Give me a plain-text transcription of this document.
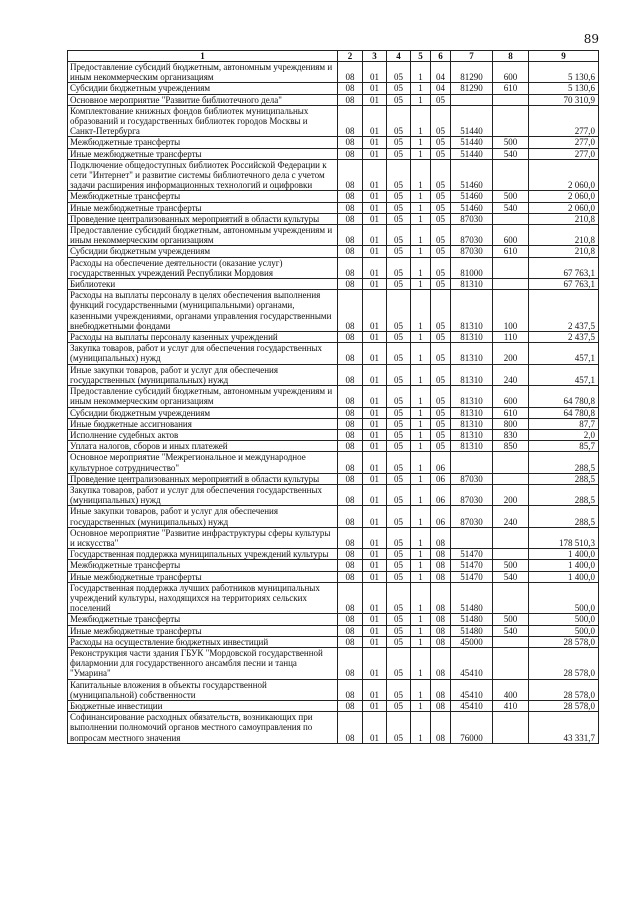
89
1	2	3	4	5	6	7	8	9
Предоставление субсидий бюджетным, автономным учреждениям и иным некоммерческим организациям	08	01	05	1	04	81290	600	5 130,6
Субсидии бюджетным учреждениям	08	01	05	1	04	81290	610	5 130,6
Основное мероприятие "Развитие библиотечного дела"	08	01	05	1	05			70 310,9
Комплектование книжных фондов библиотек муниципальных образований и государственных библиотек городов Москвы и Санкт-Петербурга	08	01	05	1	05	51440		277,0
Межбюджетные трансферты	08	01	05	1	05	51440	500	277,0
Иные межбюджетные трансферты	08	01	05	1	05	51440	540	277,0
Подключение общедоступных библиотек Российской Федерации к сети "Интернет" и развитие системы библиотечного дела с учетом задачи расширения информационных технологий и оцифровки	08	01	05	1	05	51460		2 060,0
Межбюджетные трансферты	08	01	05	1	05	51460	500	2 060,0
Иные межбюджетные трансферты	08	01	05	1	05	51460	540	2 060,0
Проведение централизованных мероприятий в области культуры	08	01	05	1	05	87030		210,8
Предоставление субсидий бюджетным, автономным учреждениям и иным некоммерческим организациям	08	01	05	1	05	87030	600	210,8
Субсидии бюджетным учреждениям	08	01	05	1	05	87030	610	210,8
Расходы на обеспечение деятельности (оказание услуг) государственных учреждений Республики Мордовия	08	01	05	1	05	81000		67 763,1
Библиотеки	08	01	05	1	05	81310		67 763,1
Расходы на выплаты персоналу в целях обеспечения выполнения функций государственными (муниципальными) органами, казенными учреждениями, органами управления государственными внебюджетными фондами	08	01	05	1	05	81310	100	2 437,5
Расходы на выплаты персоналу казенных учреждений	08	01	05	1	05	81310	110	2 437,5
Закупка товаров, работ и услуг для обеспечения государственных (муниципальных) нужд	08	01	05	1	05	81310	200	457,1
Иные закупки товаров, работ и услуг для обеспечения государственных (муниципальных) нужд	08	01	05	1	05	81310	240	457,1
Предоставление субсидий бюджетным, автономным учреждениям и иным некоммерческим организациям	08	01	05	1	05	81310	600	64 780,8
Субсидии бюджетным учреждениям	08	01	05	1	05	81310	610	64 780,8
Иные бюджетные ассигнования	08	01	05	1	05	81310	800	87,7
Исполнение судебных актов	08	01	05	1	05	81310	830	2,0
Уплата налогов, сборов и иных платежей	08	01	05	1	05	81310	850	85,7
Основное мероприятие "Межрегиональное и международное культурное сотрудничество"	08	01	05	1	06			288,5
Проведение централизованных мероприятий в области культуры	08	01	05	1	06	87030		288,5
Закупка товаров, работ и услуг для обеспечения государственных (муниципальных) нужд	08	01	05	1	06	87030	200	288,5
Иные закупки товаров, работ и услуг для обеспечения государственных (муниципальных) нужд	08	01	05	1	06	87030	240	288,5
Основное мероприятие "Развитие инфраструктуры сферы культуры и искусства"	08	01	05	1	08			178 510,3
Государственная поддержка муниципальных учреждений культуры	08	01	05	1	08	51470		1 400,0
Межбюджетные трансферты	08	01	05	1	08	51470	500	1 400,0
Иные межбюджетные трансферты	08	01	05	1	08	51470	540	1 400,0
Государственная поддержка лучших работников муниципальных учреждений культуры, находящихся на территориях сельских поселений	08	01	05	1	08	51480		500,0
Межбюджетные трансферты	08	01	05	1	08	51480	500	500,0
Иные межбюджетные трансферты	08	01	05	1	08	51480	540	500,0
Расходы на осуществление бюджетных инвестиций	08	01	05	1	08	45000		28 578,0
Реконструкция части здания ГБУК "Мордовской государственной филармонии для государственного ансамбля песни и танца "Умарина"	08	01	05	1	08	45410		28 578,0
Капитальные вложения в объекты государственной (муниципальной) собственности	08	01	05	1	08	45410	400	28 578,0
Бюджетные инвестиции	08	01	05	1	08	45410	410	28 578,0
Софинансирование расходных обязательств, возникающих при выполнении полномочий органов местного самоуправления по вопросам местного значения	08	01	05	1	08	76000		43 331,7
